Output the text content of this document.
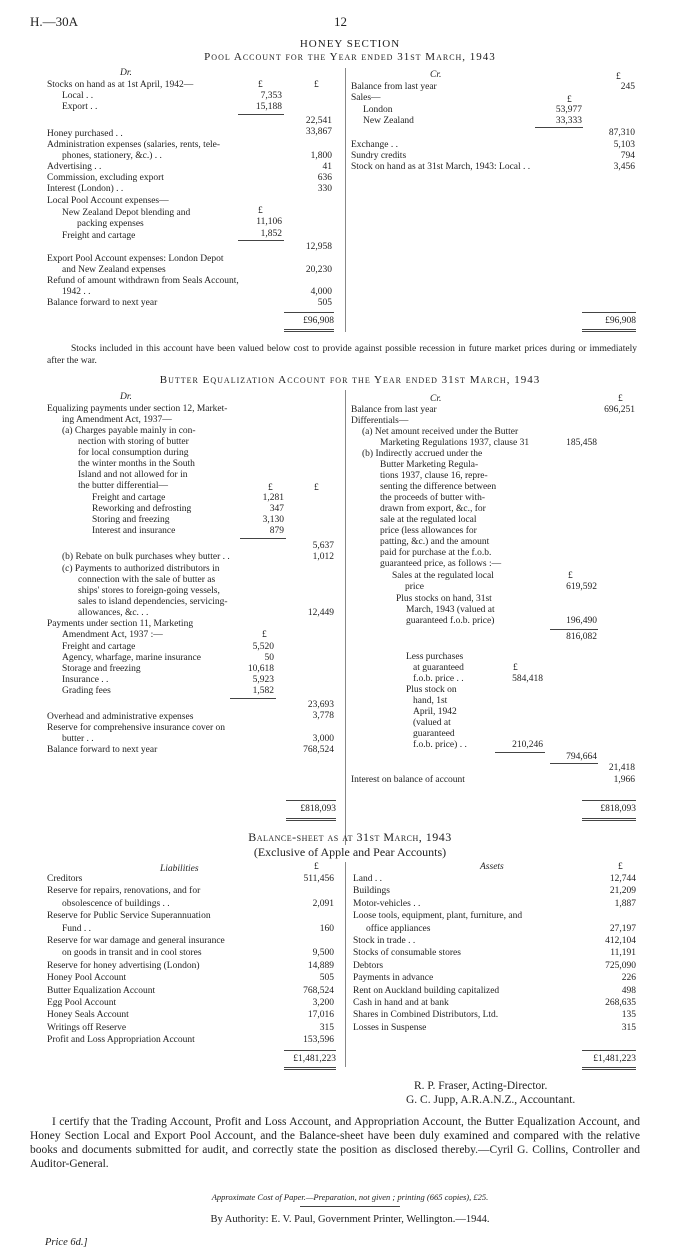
H.—30A	12
HONEY SECTION
Pool Account for the Year ended 31st March, 1943
Dr.
Stocks on hand as at 1st April, 1942—	£	£
Local . .	7,353
Export . .	15,188
22,541
Honey purchased . .	33,867
Administration expenses (salaries, rents, tele-
phones, stationery, &c.) . .	1,800
Advertising . .	41
Commission, excluding export	636
Interest (London) . .	330
Local Pool Account expenses—
£
New Zealand Depot blending and
packing expenses	11,106
Freight and cartage	1,852
12,958
Export Pool Account expenses: London Depot
and New Zealand expenses	20,230
Refund of amount withdrawn from Seals Account,
1942 . .	4,000
Balance forward to next year	505
£96,908
Cr.	£
Balance from last year	245
Sales—	£
London	53,977
New Zealand	33,333
87,310
Exchange . .	5,103
Sundry credits	794
Stock on hand as at 31st March, 1943: Local . .	3,456
£96,908
Stocks included in this account have been valued below cost to provide against possible recession in future market prices during or immediately after the war.
Butter Equalization Account for the Year ended 31st March, 1943
Dr.
Equalizing payments under section 12, Market-
ing Amendment Act, 1937—
(a) Charges payable mainly in con-
nection with storing of butter
for local consumption during
the winter months in the South
Island and not allowed for in
the butter differential—	£	£
Freight and cartage	1,281
Reworking and defrosting	347
Storing and freezing	3,130
Interest and insurance	879
5,637
(b) Rebate on bulk purchases whey butter . .	1,012
(c) Payments to authorized distributors in
connection with the sale of butter as
ships' stores to foreign-going vessels,
sales to island dependencies, servicing-
allowances, &c. . .	12,449
Payments under section 11, Marketing
Amendment Act, 1937 :—	£
Freight and cartage	5,520
Agency, wharfage, marine insurance	50
Storage and freezing	10,618
Insurance . .	5,923
Grading fees	1,582
23,693
Overhead and administrative expenses	3,778
Reserve for comprehensive insurance cover on
butter . .	3,000
Balance forward to next year	768,524
£818,093
Cr.	£
Balance from last year	696,251
Differentials—
(a) Net amount received under the Butter
Marketing Regulations 1937, clause 31	185,458
(b) Indirectly accrued under the
Butter Marketing Regula-
tions 1937, clause 16, repre-
senting the difference between
the proceeds of butter with-
drawn from export, &c., for
sale at the regulated local
price (less allowances for
patting, &c.) and the amount
paid for purchase at the f.o.b.
guaranteed price, as follows :—
Sales at the regulated local	£
price	619,592
Plus stocks on hand, 31st
March, 1943 (valued at
guaranteed f.o.b. price)	196,490
816,082
Less purchases
at guaranteed	£
f.o.b. price . .	584,418
Plus stock on
hand, 1st
April, 1942
(valued at
guaranteed
f.o.b. price) . .	210,246
794,664
21,418
Interest on balance of account	1,966
£818,093
Balance-sheet as at 31st March, 1943
(Exclusive of Apple and Pear Accounts)
Liabilities	£	Assets	£
Creditors	511,456
Reserve for repairs, renovations, and for
obsolescence of buildings . .	2,091
Reserve for Public Service Superannuation
Fund . .	160
Reserve for war damage and general insurance
on goods in transit and in cool stores	9,500
Reserve for honey advertising (London)	14,889
Honey Pool Account	505
Butter Equalization Account	768,524
Egg Pool Account	3,200
Honey Seals Account	17,016
Writings off Reserve	315
Profit and Loss Appropriation Account	153,596
Land . .	12,744
Buildings	21,209
Motor-vehicles . .	1,887
Loose tools, equipment, plant, furniture, and
office appliances	27,197
Stock in trade . .	412,104
Stocks of consumable stores	11,191
Debtors	725,090
Payments in advance	226
Rent on Auckland building capitalized	498
Cash in hand and at bank	268,635
Shares in Combined Distributors, Ltd.	135
Losses in Suspense	315
£1,481,223	£1,481,223
R. P. Fraser, Acting-Director.
G. C. Jupp, A.R.A.N.Z., Accountant.
I certify that the Trading Account, Profit and Loss Account, and Appropriation Account, the Butter Equalization Account, and Honey Section Local and Export Pool Account, and the Balance-sheet have been duly examined and compared with the relative books and documents submitted for audit, and correctly state the position as disclosed thereby.—Cyril G. Collins, Controller and Auditor-General.
Approximate Cost of Paper.—Preparation, not given ; printing (665 copies), £25.
By Authority: E. V. Paul, Government Printer, Wellington.—1944.
Price 6d.]
